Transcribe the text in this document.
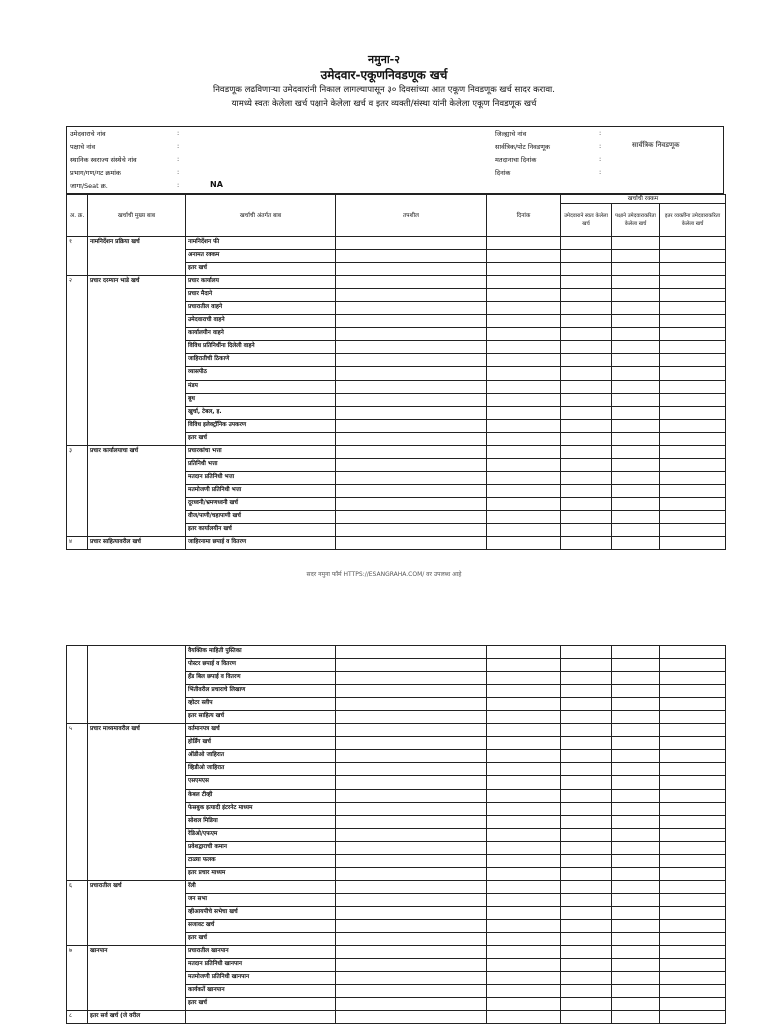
नमुना-२
उमेदवार-एकूणनिवडणूक खर्च
निवडणूक लढविणाऱ्या उमेदवारांनी निकाल लागल्यापासून ३० दिवसांच्या आत एकूण निवडणूक खर्च सादर करावा.
यामध्ये स्वतः केलेला खर्च पक्षाने केलेला खर्च व इतर व्यक्ती/संस्था यांनी केलेला एकूण निवडणूक खर्च
उमेदवाराचे नांव	:
पक्षाचे नांव	:
स्थानिक स्वराज्य संस्थेचे नांव	:
प्रभाग/गण/गट क्रमांक	:
जागा/Seat क्र.	:	NA
जिल्ह्याचे नांव	:
सार्वत्रिक/पोट निवडणूक	:	सार्वत्रिक निवडणूक
मतदानाचा दिनांक	:
दिनांक	:
अ. क्र.	खर्चाची मुख्य बाब	खर्चाची अंतर्गत बाब	तपशील	दिनांक	खर्चाची रक्कम		
					उमेदवाराने स्वतः केलेला खर्च	पक्षाने उमेदवाराकरिता केलेला खर्च	इतर व्यक्तींना उमेदवाराकरिता केलेला खर्च
१	नामनिर्देशन प्रक्रिया खर्च	नामनिर्देशन फी					
		अनामत रक्कम					
		इतर खर्च					
२	प्रचार दरम्यान भाडे खर्च	प्रचार कार्यालय					
		प्रचार मैदाने					
		प्रचारातील वाहने					
		उमेदवाराची वाहने					
		कार्यालयीन वाहने					
		विविध प्रतिनिधींना दिलेली वाहने					
		जाहिरातीची ठिकाणे					
		व्यासपीठ					
		मंडप					
		बूथ					
		खुर्चा, टेबल, इ.					
		विविध इलेक्ट्रॉनिक उपकरण					
		इतर खर्च					
३	प्रचार कार्यालयाचा खर्च	प्रचारकांचा भत्ता					
		प्रतिनिधी भत्ता					
		मतदान प्रतिनिधी भत्ता					
		मतमोजणी प्रतिनिधी भत्ता					
		दूरध्वनी/भ्रमणध्वनी खर्च					
		वीज/पाणी/चहापाणी खर्च					
		इतर कार्यालयीन खर्च					
४	प्रचार साहित्यावरील खर्च	जाहिरनामा छपाई व वितरण					
सदर नमुना फॉर्म HTTPS://ESANGRAHA.COM/ वर उपलब्ध आहे
		वैयक्तिक माहिती पुस्तिका					
		पोस्टर छपाई व वितरण					
		हँड बिल छपाई व वितरण					
		भिंतीवरील प्रचाराचे लिखाण					
		व्होटर स्लीप					
		इतर साहित्य खर्च					
५	प्रचार माध्यमावरील खर्च	वर्तमानपत्र खर्च					
		होर्डिंग खर्च					
		ऑडीओ जाहिरात					
		व्हिडीओ जाहिरात					
		एसएमएस					
		केबल टीव्ही					
		फेसबुक इत्यादी इंटरनेट माध्यम					
		सोशल मिडिया					
		रेडिओ/एफएम					
		प्रवेशद्वाराची कमान					
		टाळ्या फलक					
		इतर प्रचार माध्यम					
६	प्रचारातील खर्च	रॅली					
		जन सभा					
		व्हीआयपीचे सभेचा खर्च					
		सजावट खर्च					
		इतर खर्च					
७	खानपान	प्रचारातील खानपान					
		मतदान प्रतिनिधी खानपान					
		मतमोजणी प्रतिनिधी खानपान					
		कार्यकर्ते खानपान					
		इतर खर्च					
८	इतर सर्व खर्च (जे वरील						
